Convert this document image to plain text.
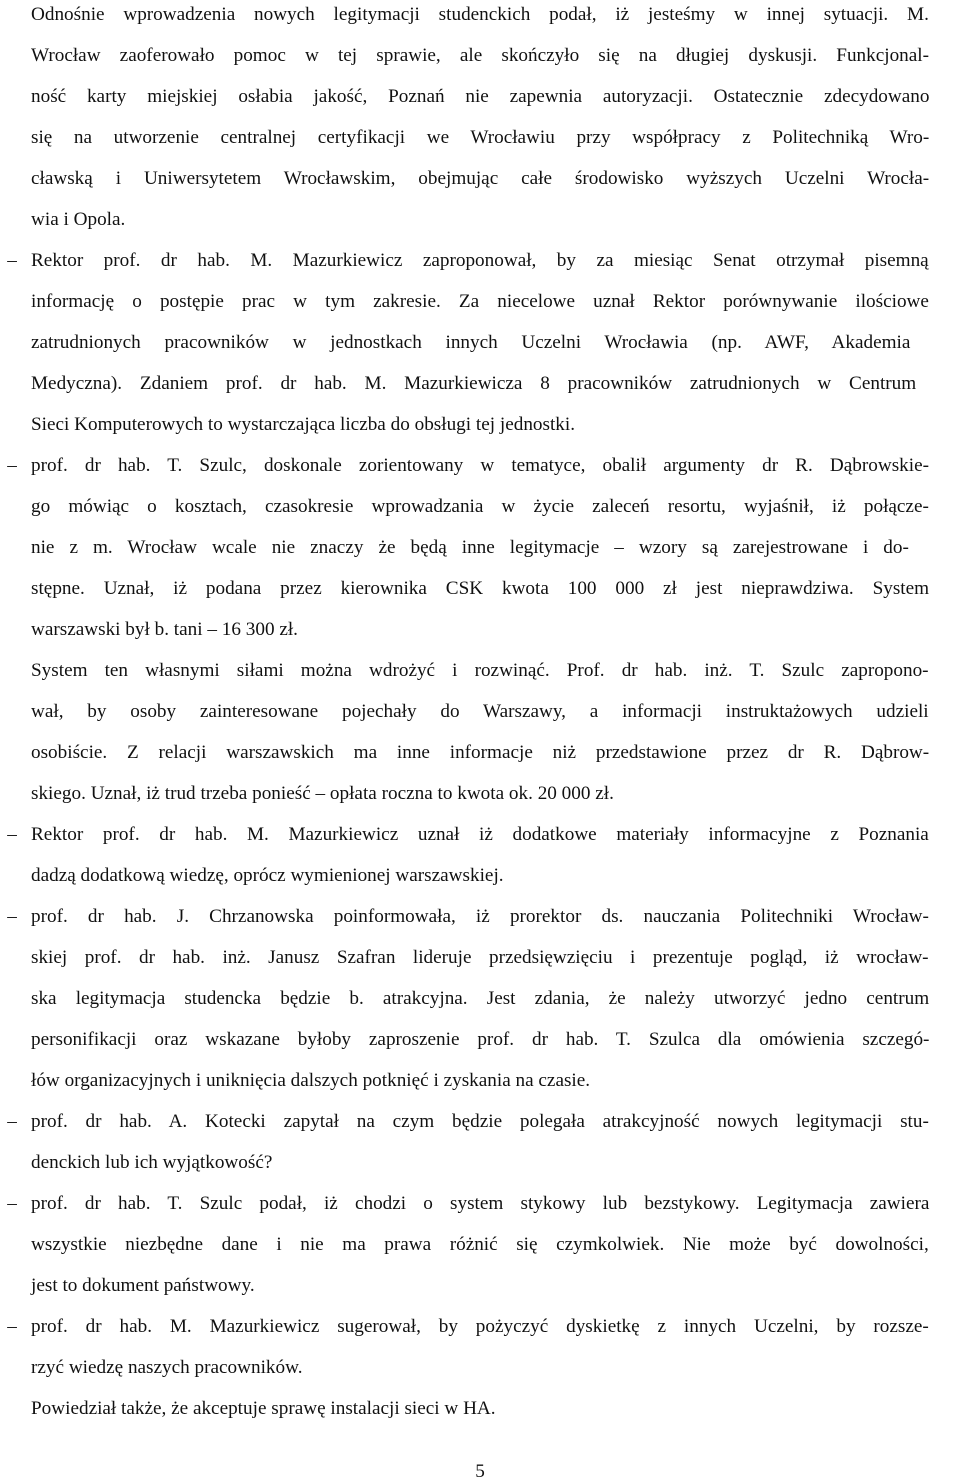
Odnośnie wprowadzenia nowych legitymacji studenckich podał, iż jesteśmy w innej sytuacji. M.
Wrocław zaoferowało pomoc w tej sprawie, ale skończyło się na długiej dyskusji. Funkcjonal-
ność karty miejskiej osłabia jakość, Poznań nie zapewnia autoryzacji. Ostatecznie zdecydowano
się na utworzenie centralnej certyfikacji we Wrocławiu przy współpracy z Politechniką Wro-
cławską i Uniwersytetem Wrocławskim, obejmując całe środowisko wyższych Uczelni Wrocła-
wia i Opola.
– Rektor prof. dr hab. M. Mazurkiewicz zaproponował, by za miesiąc Senat otrzymał pisemną
informację o postępie prac w tym zakresie. Za niecelowe uznał Rektor porównywanie ilościowe
zatrudnionych pracowników w jednostkach innych Uczelni Wrocławia (np. AWF, Akademia
Medyczna). Zdaniem prof. dr hab. M. Mazurkiewicza 8 pracowników zatrudnionych w Centrum
Sieci Komputerowych to wystarczająca liczba do obsługi tej jednostki.
– prof. dr hab. T. Szulc, doskonale zorientowany w tematyce, obalił argumenty dr R. Dąbrowskie-
go mówiąc o kosztach, czasokresie wprowadzania w życie zaleceń resortu, wyjaśnił, iż połącze-
nie z m. Wrocław wcale nie znaczy że będą inne legitymacje – wzory są zarejestrowane i do-
stępne. Uznał, iż podana przez kierownika CSK kwota 100 000 zł jest nieprawdziwa. System
warszawski był b. tani – 16 300 zł.
System ten własnymi siłami można wdrożyć i rozwinąć. Prof. dr hab. inż. T. Szulc zapropono-
wał, by osoby zainteresowane pojechały do Warszawy, a informacji instruktażowych udzieli
osobiście. Z relacji warszawskich ma inne informacje niż przedstawione przez dr R. Dąbrow-
skiego. Uznał, iż trud trzeba ponieść – opłata roczna to kwota ok. 20 000 zł.
– Rektor prof. dr hab. M. Mazurkiewicz uznał iż dodatkowe materiały informacyjne z Poznania
dadzą dodatkową wiedzę, oprócz wymienionej warszawskiej.
– prof. dr hab. J. Chrzanowska poinformowała, iż prorektor ds. nauczania Politechniki Wrocław-
skiej prof. dr hab. inż. Janusz Szafran lideruje przedsięwzięciu i prezentuje pogląd, iż wrocław-
ska legitymacja studencka będzie b. atrakcyjna. Jest zdania, że należy utworzyć jedno centrum
personifikacji oraz wskazane byłoby zaproszenie prof. dr hab. T. Szulca dla omówienia szczegó-
łów organizacyjnych i uniknięcia dalszych potknięć i zyskania na czasie.
– prof. dr hab. A. Kotecki zapytał na czym będzie polegała atrakcyjność nowych legitymacji stu-
denckich lub ich wyjątkowość?
– prof. dr hab. T. Szulc podał, iż chodzi o system stykowy lub bezstykowy. Legitymacja zawiera
wszystkie niezbędne dane i nie ma prawa różnić się czymkolwiek. Nie może być dowolności,
jest to dokument państwowy.
– prof. dr hab. M. Mazurkiewicz sugerował, by pożyczyć dyskietkę z innych Uczelni, by rozsze-
rzyć wiedzę naszych pracowników.
Powiedział także, że akceptuje sprawę instalacji sieci w HA.
5
